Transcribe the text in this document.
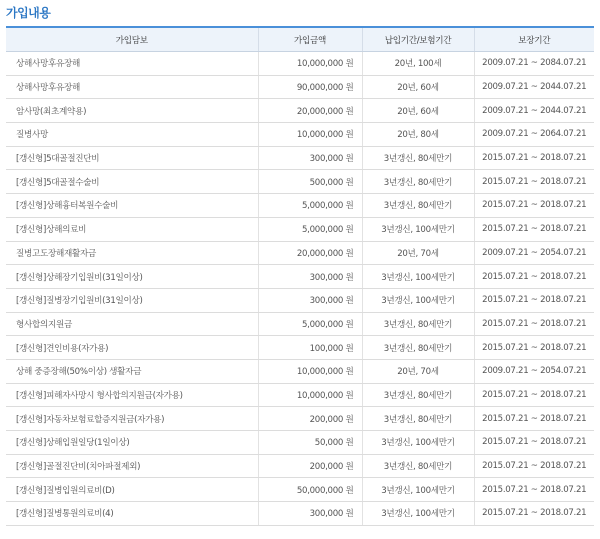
가입내용
가입담보	가입금액	납입기간/보험기간	보장기간
상해사망후유장해	10,000,000 원	20년, 100세	2009.07.21 ~ 2084.07.21
상해사망후유장해	90,000,000 원	20년, 60세	2009.07.21 ~ 2044.07.21
암사망(최초계약용)	20,000,000 원	20년, 60세	2009.07.21 ~ 2044.07.21
질병사망	10,000,000 원	20년, 80세	2009.07.21 ~ 2064.07.21
[갱신형]5대골절진단비	300,000 원	3년갱신, 80세만기	2015.07.21 ~ 2018.07.21
[갱신형]5대골절수술비	500,000 원	3년갱신, 80세만기	2015.07.21 ~ 2018.07.21
[갱신형]상해흉터복원수술비	5,000,000 원	3년갱신, 80세만기	2015.07.21 ~ 2018.07.21
[갱신형]상해의료비	5,000,000 원	3년갱신, 100세만기	2015.07.21 ~ 2018.07.21
질병고도장해재활자금	20,000,000 원	20년, 70세	2009.07.21 ~ 2054.07.21
[갱신형]상해장기입원비(31일이상)	300,000 원	3년갱신, 100세만기	2015.07.21 ~ 2018.07.21
[갱신형]질병장기입원비(31일이상)	300,000 원	3년갱신, 100세만기	2015.07.21 ~ 2018.07.21
형사합의지원금	5,000,000 원	3년갱신, 80세만기	2015.07.21 ~ 2018.07.21
[갱신형]견인비용(자가용)	100,000 원	3년갱신, 80세만기	2015.07.21 ~ 2018.07.21
상해 중증장해(50%이상) 생활자금	10,000,000 원	20년, 70세	2009.07.21 ~ 2054.07.21
[갱신형]피해자사망시 형사합의지원금(자가용)	10,000,000 원	3년갱신, 80세만기	2015.07.21 ~ 2018.07.21
[갱신형]자동차보험료할증지원금(자가용)	200,000 원	3년갱신, 80세만기	2015.07.21 ~ 2018.07.21
[갱신형]상해입원일당(1일이상)	50,000 원	3년갱신, 100세만기	2015.07.21 ~ 2018.07.21
[갱신형]골절진단비(치아파절제외)	200,000 원	3년갱신, 80세만기	2015.07.21 ~ 2018.07.21
[갱신형]질병입원의료비(D)	50,000,000 원	3년갱신, 100세만기	2015.07.21 ~ 2018.07.21
[갱신형]질병통원의료비(4)	300,000 원	3년갱신, 100세만기	2015.07.21 ~ 2018.07.21
